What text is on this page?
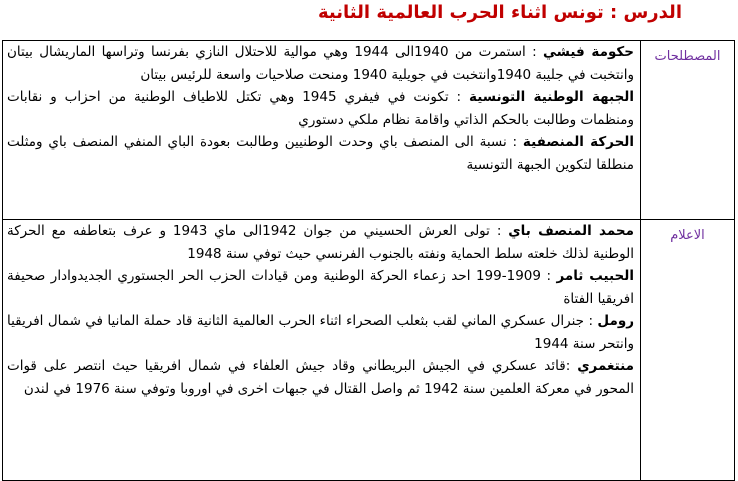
الدرس : تونس اثناء الحرب العالمية الثانية
المصطلحات	حكومة فيشي : استمرت من 1940الى 1944 وهي موالية للاحتلال النازي بفرنسا وتراسها الماريشال بيتان وانتخبت في جليبة 1940وانتخبت في جويلية 1940 ومنحت صلاحيات واسعة للرئيس بيتان

الجبهة الوطنية التونسية : تكونت في فيفري 1945 وهي تكتل للاطياف الوطنية من احزاب و نقابات ومنظمات وطالبت بالحكم الذاتي واقامة نظام ملكي دستوري

الحركة المنصفية : نسبة الى المنصف باي وحدت الوطنيين وطالبت بعودة الباي المنفي المنصف باي ومثلت منطلقا لتكوين الجبهة التونسية

الاعلام	محمد المنصف باي : تولى العرش الحسيني من جوان 1942الى ماي 1943 و عرف بتعاطفه مع الحركة الوطنية لذلك خلعته سلط الحماية ونفته بالجنوب الفرنسي حيث توفي سنة 1948

الحبيب ثامر : 1909-199 احد زعماء الحركة الوطنية ومن قيادات الحزب الحر الجستوري الجديدوادار صحيفة افريقيا الفتاة

رومل : جنرال عسكري الماني لقب بثعلب الصحراء اثناء الحرب العالمية الثانية قاد حملة المانيا في شمال افريقيا وانتحر سنة 1944

منتغمري :قائد عسكري في الجيش البريطاني وقاد جيش العلفاء في شمال افريقيا حيث انتصر على قوات المحور في معركة العلمين سنة 1942 ثم واصل القتال في جبهات اخرى في اوروبا وتوفي سنة 1976 في لندن
